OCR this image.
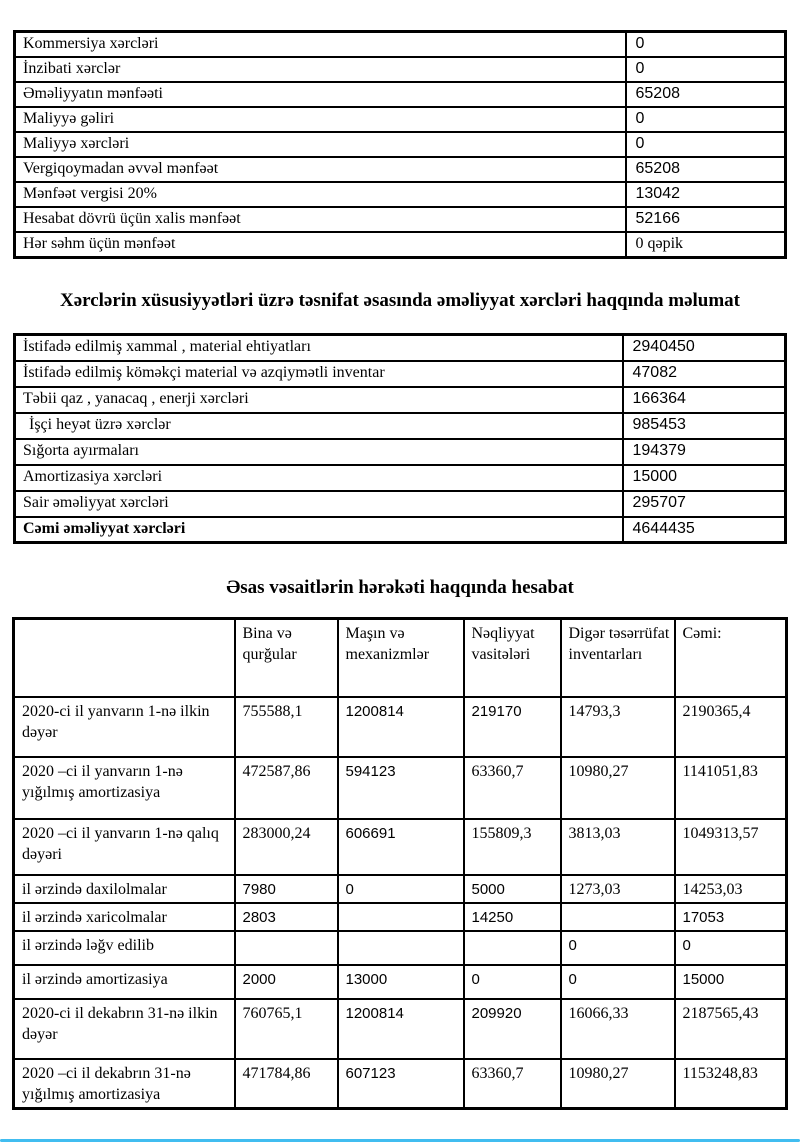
Kommersiya xərcləri	0
İnzibati xərclər	0
Əməliyyatın mənfəəti	65208
Maliyyə gəliri	0
Maliyyə xərcləri	0
Vergiqoymadan əvvəl mənfəət	65208
Mənfəət vergisi 20%	13042
Hesabat dövrü üçün xalis mənfəət	52166
Hər səhm üçün mənfəət	0 qəpik
Xərclərin xüsusiyyətləri üzrə təsnifat əsasında əməliyyat xərcləri haqqında məlumat
İstifadə edilmiş xammal , material ehtiyatları	2940450
İstifadə edilmiş köməkçi material və azqiymətli inventar	47082
Təbii qaz , yanacaq , enerji xərcləri	166364
İşçi heyət üzrə xərclər	985453
Sığorta ayırmaları	194379
Amortizasiya xərcləri	15000
Sair əməliyyat xərcləri	295707
Cəmi əməliyyat xərcləri	4644435
Əsas vəsaitlərin hərəkəti haqqında hesabat
	Bina və qurğular	Maşın və mexanizmlər	Nəqliyyat vasitələri	Digər təsərrüfat inventarları	Cəmi:
2020-ci il yanvarın 1-nə ilkin dəyər	755588,1	1200814	219170	14793,3	2190365,4
2020 –ci il yanvarın 1-nə yığılmış amortizasiya	472587,86	594123	63360,7	10980,27	1141051,83
2020 –ci il yanvarın 1-nə qalıq dəyəri	283000,24	606691	155809,3	3813,03	1049313,57
il ərzində daxilolmalar	7980	0	5000	1273,03	14253,03
il ərzində xaricolmalar	2803		14250		17053
il ərzində ləğv edilib				0	0
il ərzində amortizasiya	2000	13000	0	0	15000
2020-ci il dekabrın 31-nə ilkin dəyər	760765,1	1200814	209920	16066,33	2187565,43
2020 –ci il dekabrın 31-nə yığılmış amortizasiya	471784,86	607123	63360,7	10980,27	1153248,83
